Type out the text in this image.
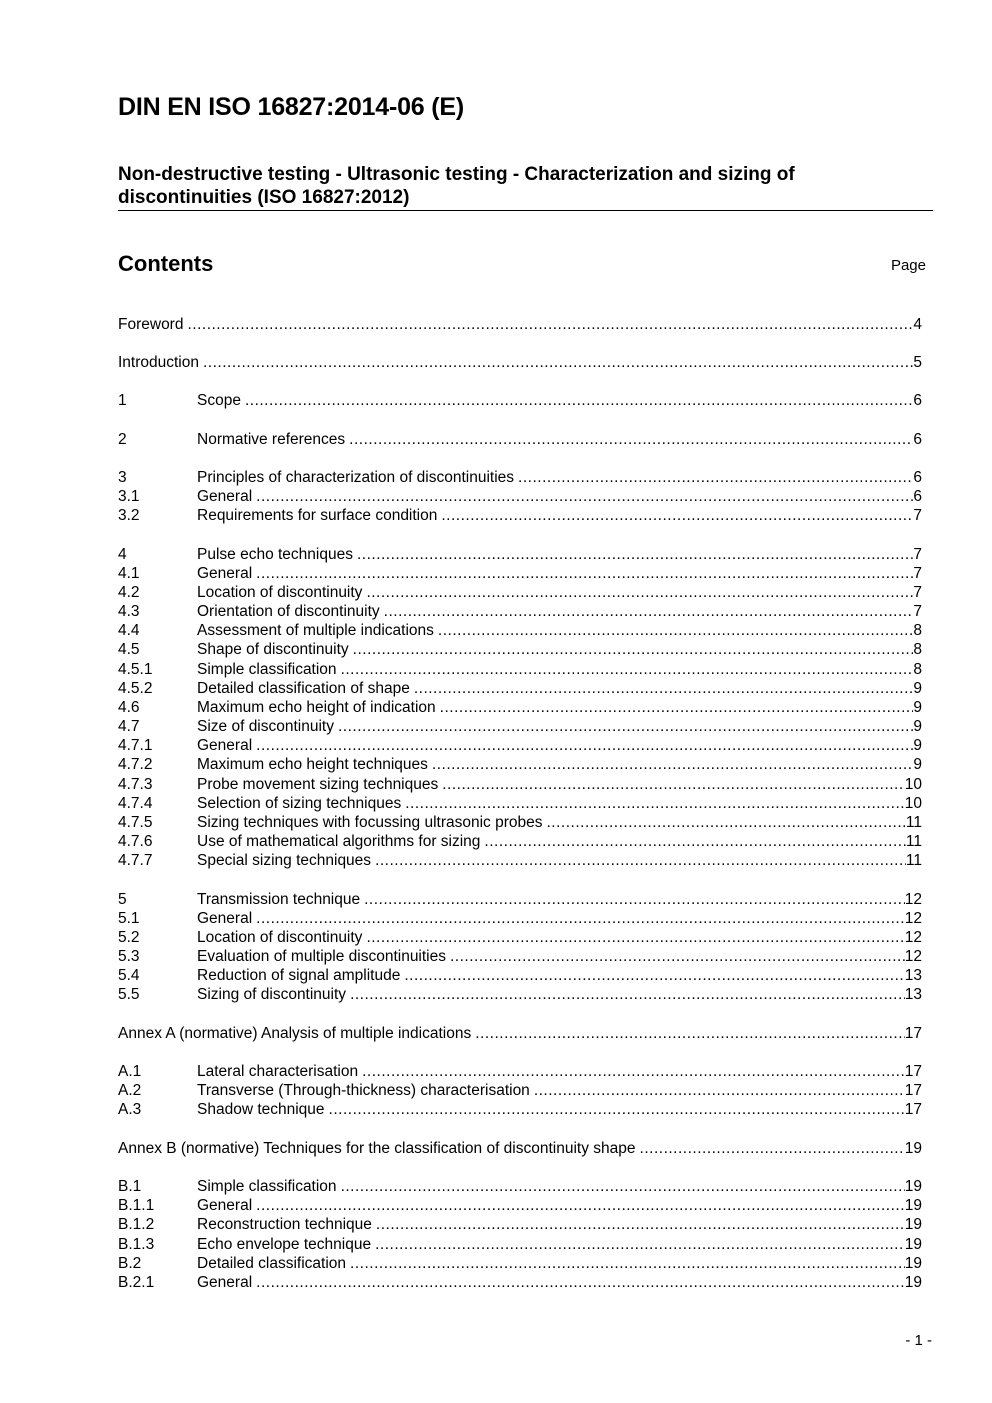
DIN EN ISO 16827:2014-06 (E)
Non-destructive testing - Ultrasonic testing - Characterization and sizing of discontinuities (ISO 16827:2012)
Contents	Page
Foreword .....	4
Introduction .....	5
1	Scope .....	6
2	Normative references .....	6
3	Principles of characterization of discontinuities .....	6
3.1	General .....	6
3.2	Requirements for surface condition .....	7
4	Pulse echo techniques .....	7
4.1	General .....	7
4.2	Location of discontinuity .....	7
4.3	Orientation of discontinuity .....	7
4.4	Assessment of multiple indications .....	8
4.5	Shape of discontinuity .....	8
4.5.1	Simple classification .....	8
4.5.2	Detailed classification of shape .....	9
4.6	Maximum echo height of indication .....	9
4.7	Size of discontinuity .....	9
4.7.1	General .....	9
4.7.2	Maximum echo height techniques .....	9
4.7.3	Probe movement sizing techniques .....	10
4.7.4	Selection of sizing techniques .....	10
4.7.5	Sizing techniques with focussing ultrasonic probes .....	11
4.7.6	Use of mathematical algorithms for sizing .....	11
4.7.7	Special sizing techniques .....	11
5	Transmission technique .....	12
5.1	General .....	12
5.2	Location of discontinuity .....	12
5.3	Evaluation of multiple discontinuities .....	12
5.4	Reduction of signal amplitude .....	13
5.5	Sizing of discontinuity .....	13
Annex A (normative) Analysis of multiple indications .....	17
A.1	Lateral characterisation .....	17
A.2	Transverse (Through-thickness) characterisation .....	17
A.3	Shadow technique .....	17
Annex B (normative) Techniques for the classification of discontinuity shape .....	19
B.1	Simple classification .....	19
B.1.1	General .....	19
B.1.2	Reconstruction technique .....	19
B.1.3	Echo envelope technique .....	19
B.2	Detailed classification .....	19
B.2.1	General .....	19
- 1 -
